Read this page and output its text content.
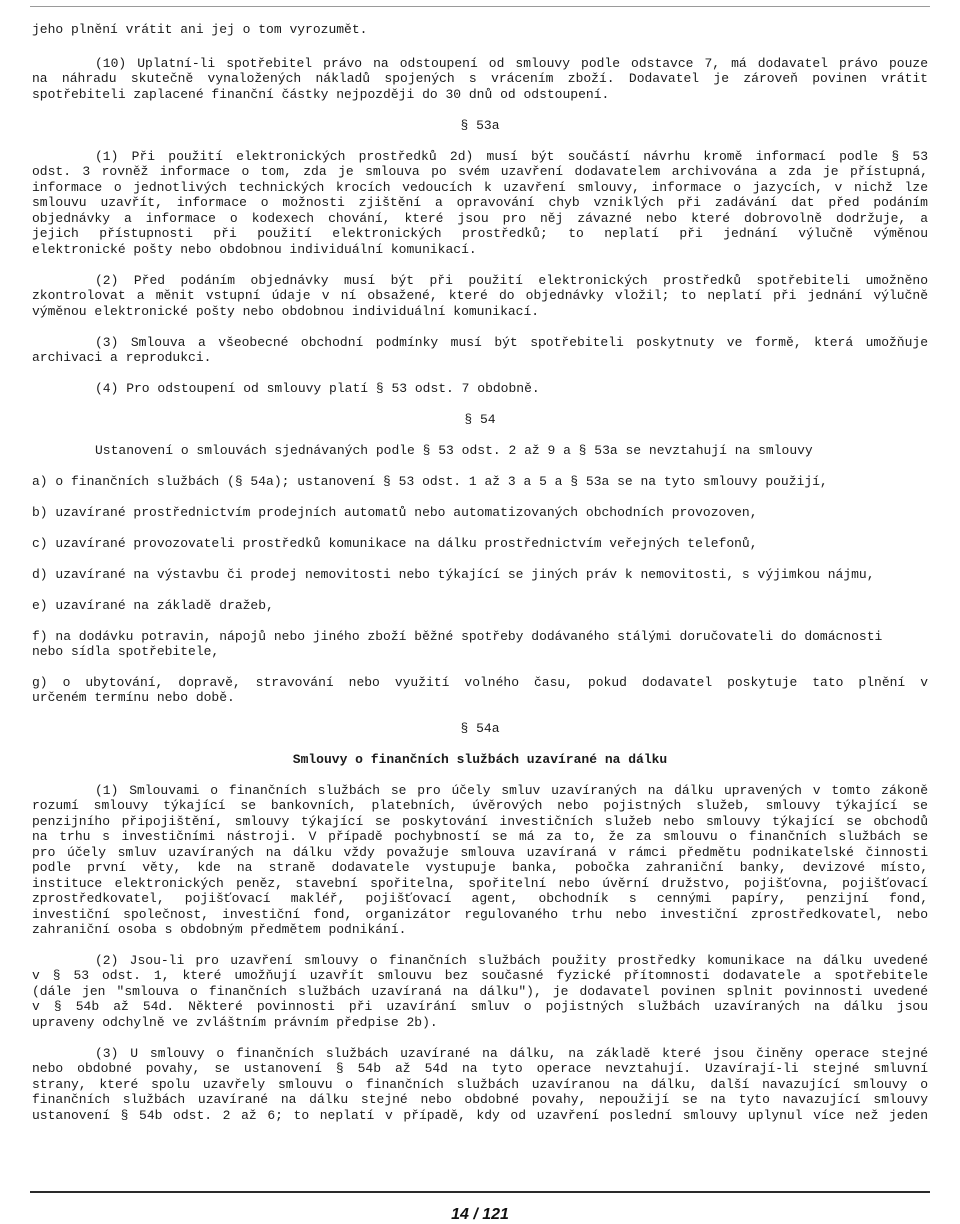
jeho plnění vrátit ani jej o tom vyrozumět.
(10) Uplatní-li spotřebitel právo na odstoupení od smlouvy podle odstavce 7, má dodavatel právo pouze
na náhradu skutečně vynaložených nákladů spojených s vrácením zboží. Dodavatel je zároveň povinen vrátit
spotřebiteli zaplacené finanční částky nejpozději do 30 dnů od odstoupení.
§ 53a
(1) Při použití elektronických prostředků 2d) musí být součástí návrhu kromě informací podle § 53
odst. 3 rovněž informace o tom, zda je smlouva po svém uzavření dodavatelem archivována a zda je přístupná,
informace o jednotlivých technických krocích vedoucích k uzavření smlouvy, informace o jazycích, v nichž lze
smlouvu uzavřít, informace o možnosti zjištění a opravování chyb vzniklých při zadávání dat před podáním
objednávky a informace o kodexech chování, které jsou pro něj závazné nebo které dobrovolně dodržuje, a
jejich přístupnosti při použití elektronických prostředků; to neplatí při jednání výlučně výměnou
elektronické pošty nebo obdobnou individuální komunikací.
(2) Před podáním objednávky musí být při použití elektronických prostředků spotřebiteli umožněno
zkontrolovat a měnit vstupní údaje v ní obsažené, které do objednávky vložil; to neplatí při jednání výlučně
výměnou elektronické pošty nebo obdobnou individuální komunikací.
(3) Smlouva a všeobecné obchodní podmínky musí být spotřebiteli poskytnuty ve formě, která umožňuje
archivaci a reprodukci.
(4) Pro odstoupení od smlouvy platí § 53 odst. 7 obdobně.
§ 54
Ustanovení o smlouvách sjednávaných podle § 53 odst. 2 až 9 a § 53a se nevztahují na smlouvy
a) o finančních službách (§ 54a); ustanovení § 53 odst. 1 až 3 a 5 a § 53a se na tyto smlouvy použijí,
b) uzavírané prostřednictvím prodejních automatů nebo automatizovaných obchodních provozoven,
c) uzavírané provozovateli prostředků komunikace na dálku prostřednictvím veřejných telefonů,
d) uzavírané na výstavbu či prodej nemovitosti nebo týkající se jiných práv k nemovitosti, s výjimkou nájmu,
e) uzavírané na základě dražeb,
f) na dodávku potravin, nápojů nebo jiného zboží běžné spotřeby dodávaného stálými doručovateli do domácnosti
nebo sídla spotřebitele,
g) o ubytování, dopravě, stravování nebo využití volného času, pokud dodavatel poskytuje tato plnění v
určeném termínu nebo době.
§ 54a
Smlouvy o finančních službách uzavírané na dálku
(1) Smlouvami o finančních službách se pro účely smluv uzavíraných na dálku upravených v tomto zákoně
rozumí smlouvy týkající se bankovních, platebních, úvěrových nebo pojistných služeb, smlouvy týkající se
penzijního připojištění, smlouvy týkající se poskytování investičních služeb nebo smlouvy týkající se obchodů
na trhu s investičními nástroji. V případě pochybností se má za to, že za smlouvu o finančních službách se
pro účely smluv uzavíraných na dálku vždy považuje smlouva uzavíraná v rámci předmětu podnikatelské činnosti
podle první věty, kde na straně dodavatele vystupuje banka, pobočka zahraniční banky, devizové místo,
instituce elektronických peněz, stavební spořitelna, spořitelní nebo úvěrní družstvo, pojišťovna, pojišťovací
zprostředkovatel, pojišťovací makléř, pojišťovací agent, obchodník s cennými papíry, penzijní fond,
investiční společnost, investiční fond, organizátor regulovaného trhu nebo investiční zprostředkovatel, nebo
zahraniční osoba s obdobným předmětem podnikání.
(2) Jsou-li pro uzavření smlouvy o finančních službách použity prostředky komunikace na dálku uvedené
v § 53 odst. 1, které umožňují uzavřít smlouvu bez současné fyzické přítomnosti dodavatele a spotřebitele
(dále jen "smlouva o finančních službách uzavíraná na dálku"), je dodavatel povinen splnit povinnosti uvedené
v § 54b až 54d. Některé povinnosti při uzavírání smluv o pojistných službách uzavíraných na dálku jsou
upraveny odchylně ve zvláštním právním předpise 2b).
(3) U smlouvy o finančních službách uzavírané na dálku, na základě které jsou činěny operace stejné
nebo obdobné povahy, se ustanovení § 54b až 54d na tyto operace nevztahují. Uzavírají-li stejné smluvní
strany, které spolu uzavřely smlouvu o finančních službách uzavíranou na dálku, další navazující smlouvy o
finančních službách uzavírané na dálku stejné nebo obdobné povahy, nepoužijí se na tyto navazující smlouvy
ustanovení § 54b odst. 2 až 6; to neplatí v případě, kdy od uzavření poslední smlouvy uplynul více než jeden
14 / 121
